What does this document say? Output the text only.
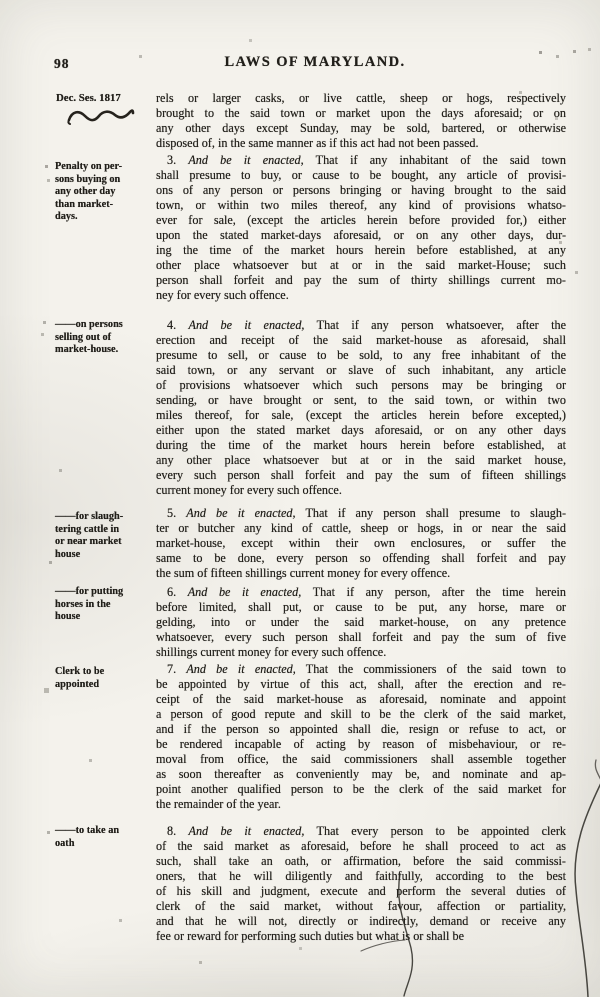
98	LAWS OF MARYLAND.
Dec. Ses. 1817
Penalty on per-
sons buying on
any other day
than market-
days.
——on persons
selling out of
market-house.
——for slaugh-
tering cattle in
or near market
house
——for putting
horses in the
house
Clerk to be
appointed
——to take an
oath
rels or larger casks, or live cattle, sheep or hogs, respectively
brought to the said town or market upon the days aforesaid; or on
any other days except Sunday, may be sold, bartered, or otherwise
disposed of, in the same manner as if this act had not been passed.
3. And be it enacted, That if any inhabitant of the said town
shall presume to buy, or cause to be bought, any article of provisi-
ons of any person or persons bringing or having brought to the said
town, or within two miles thereof, any kind of provisions whatso-
ever for sale, (except the articles herein before provided for,) either
upon the stated market-days aforesaid, or on any other days, dur-
ing the time of the market hours herein before established, at any
other place whatsoever but at or in the said market-House; such
person shall forfeit and pay the sum of thirty shillings current mo-
ney for every such offence.
4. And be it enacted, That if any person whatsoever, after the
erection and receipt of the said market-house as aforesaid, shall
presume to sell, or cause to be sold, to any free inhabitant of the
said town, or any servant or slave of such inhabitant, any article
of provisions whatsoever which such persons may be bringing or
sending, or have brought or sent, to the said town, or within two
miles thereof, for sale, (except the articles herein before excepted,)
either upon the stated market days aforesaid, or on any other days
during the time of the market hours herein before established, at
any other place whatsoever but at or in the said market house,
every such person shall forfeit and pay the sum of fifteen shillings
current money for every such offence.
5. And be it enacted, That if any person shall presume to slaugh-
ter or butcher any kind of cattle, sheep or hogs, in or near the said
market-house, except within their own enclosures, or suffer the
same to be done, every person so offending shall forfeit and pay
the sum of fifteen shillings current money for every offence.
6. And be it enacted, That if any person, after the time herein
before limited, shall put, or cause to be put, any horse, mare or
gelding, into or under the said market-house, on any pretence
whatsoever, every such person shall forfeit and pay the sum of five
shillings current money for every such offence.
7. And be it enacted, That the commissioners of the said town to
be appointed by virtue of this act, shall, after the erection and re-
ceipt of the said market-house as aforesaid, nominate and appoint
a person of good repute and skill to be the clerk of the said market,
and if the person so appointed shall die, resign or refuse to act, or
be rendered incapable of acting by reason of misbehaviour, or re-
moval from office, the said commissioners shall assemble together
as soon thereafter as conveniently may be, and nominate and ap-
point another qualified person to be the clerk of the said market for
the remainder of the year.
8. And be it enacted, That every person to be appointed clerk
of the said market as aforesaid, before he shall proceed to act as
such, shall take an oath, or affirmation, before the said commissi-
oners, that he will diligently and faithfully, according to the best
of his skill and judgment, execute and perform the several duties of
clerk of the said market, without favour, affection or partiality,
and that he will not, directly or indirectly, demand or receive any
fee or reward for performing such duties but what is or shall be
